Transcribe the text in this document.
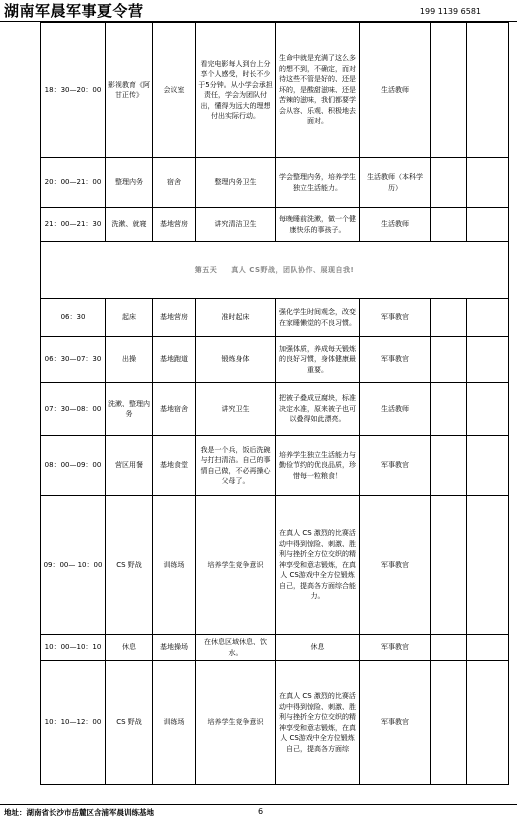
湖南军晨军事夏令营	199 1139 6581
18：30—20：00	影视教育《阿甘正传》	会议室	看完电影每人到台上分享个人感受，时长不少于5分钟。从小学会承担责任，学会为团队付出，懂得为远大的理想付出实际行动。	生命中就是充满了这么多的想不到，不确定，而对待这些不管是好的、还是坏的，是酸甜滋味、还是苦辣的滋味，我们都要学会从容、乐观、积极地去面对。	生活教师		
20：00—21：00	整理内务	宿舍	整理内务卫生	学会整理内务，培养学生独立生活能力。	生活教师（本科学历）		
21：00—21：30	洗漱、就寝	基地营房	讲究清洁卫生	每晚睡前洗漱，做一个健康快乐的事孩子。	生活教师		
第五天 真人 CS野战，团队协作、展现自我!							
06：30	起床	基地营房	准时起床	强化学生时间观念，改变在家睡懒觉的不良习惯。	军事教官		
06：30—07：30	出操	基地跑道	锻炼身体	加强体质，养成每天锻炼的良好习惯，身体健康最重要。	军事教官		
07：30—08：00	洗漱、整理内务	基地宿舍	讲究卫生	把被子叠成豆腐块，标准决定水准，原来被子也可以叠得如此漂亮。	生活教师		
08：00—09：00	营区用餐	基地食堂	我是一个兵，饭后洗碗与打扫清洁。自己的事情自己做，不必再操心父母了。	培养学生独立生活能力与勤俭节约的优良品质，珍惜每一粒粮食！	军事教官		
09：00— 10：00	CS 野战	训练场	培养学生竞争意识	在真人 CS 激烈的比赛活动中得到惊险、刺激、胜利与挫折全方位交织的精神享受和意志锻炼，在真人 CS游戏中全方位锻炼自己，提高各方面综合能力。	军事教官		
10：00—10：10	休息	基地操场	在休息区域休息、饮水。	休息	军事教官		
10：10—12：00	CS 野战	训练场	培养学生竞争意识	在真人 CS 激烈的比赛活动中得到惊险、刺激、胜利与挫折全方位交织的精神享受和意志锻炼，在真人 CS游戏中全方位锻炼自己，提高各方面综	军事教官		
地址：湖南省长沙市岳麓区含浦军晨训练基地	6
